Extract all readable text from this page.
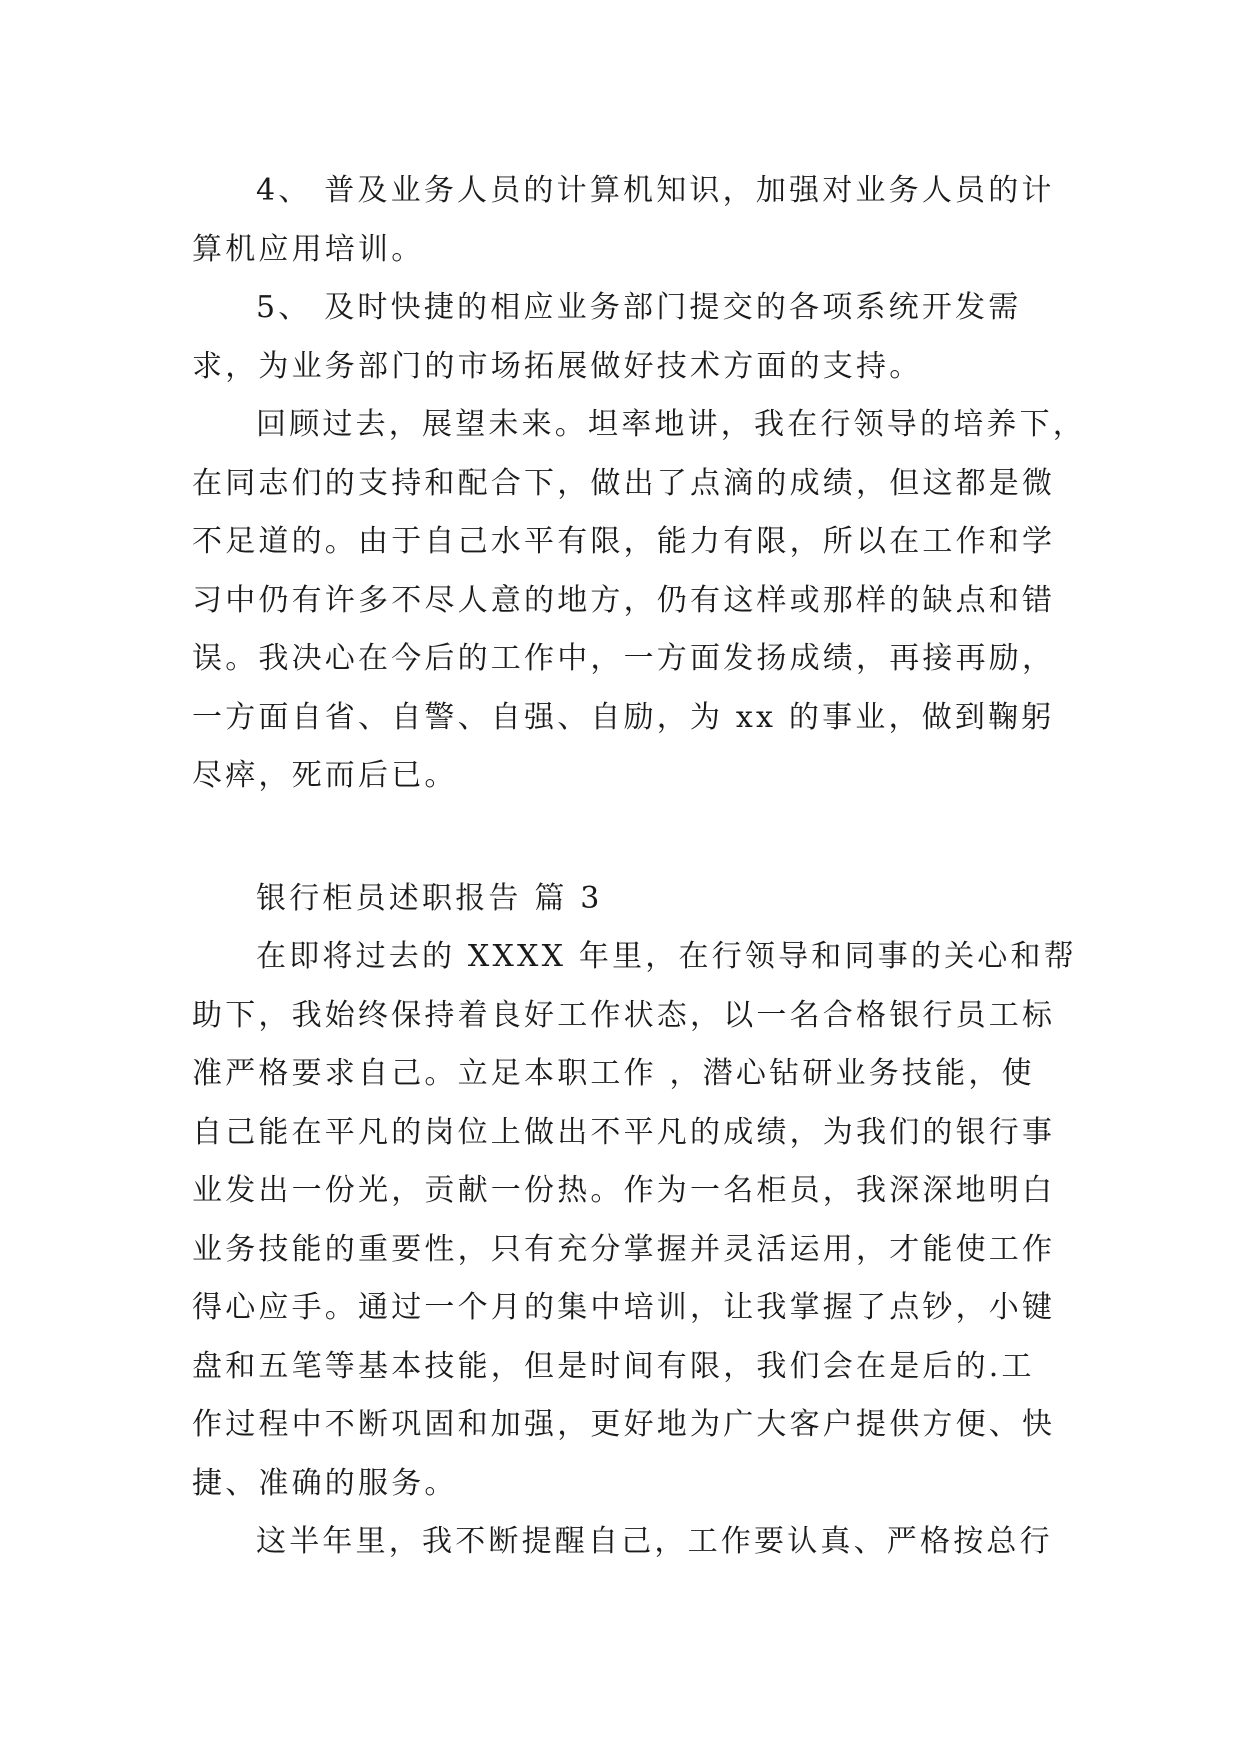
4、 普及业务人员的计算机知识，加强对业务人员的计
算机应用培训。
5、 及时快捷的相应业务部门提交的各项系统开发需
求，为业务部门的市场拓展做好技术方面的支持。
回顾过去，展望未来。坦率地讲，我在行领导的培养下，
在同志们的支持和配合下，做出了点滴的成绩，但这都是微
不足道的。由于自己水平有限，能力有限，所以在工作和学
习中仍有许多不尽人意的地方，仍有这样或那样的缺点和错
误。我决心在今后的工作中，一方面发扬成绩，再接再励，
一方面自省、自警、自强、自励，为 xx 的事业，做到鞠躬
尽瘁，死而后已。
银行柜员述职报告 篇 3
在即将过去的 XXXX 年里，在行领导和同事的关心和帮
助下，我始终保持着良好工作状态，以一名合格银行员工标
准严格要求自己。立足本职工作 ，潜心钻研业务技能，使
自己能在平凡的岗位上做出不平凡的成绩，为我们的银行事
业发出一份光，贡献一份热。作为一名柜员，我深深地明白
业务技能的重要性，只有充分掌握并灵活运用，才能使工作
得心应手。通过一个月的集中培训，让我掌握了点钞，小键
盘和五笔等基本技能，但是时间有限，我们会在是后的.工
作过程中不断巩固和加强，更好地为广大客户提供方便、快
捷、准确的服务。
这半年里，我不断提醒自己，工作要认真、严格按总行
